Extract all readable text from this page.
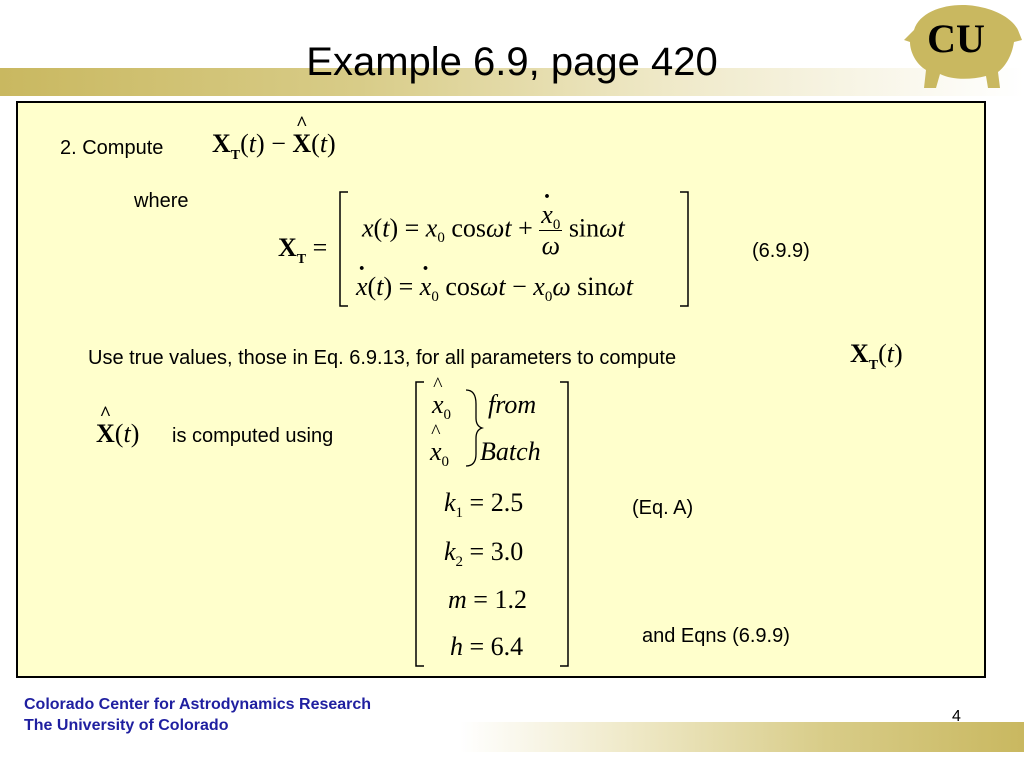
Example 6.9, page 420
CU
2. Compute $X_T(t)$ − ^ X(t)
where
$X_T$ =
$x(t) = x_0$ cosωt +
. $\frac{x_0}{\omega}$ sinωt
. x(t) = . $x_0$ $\cos\omega t - x_0\omega$ sinωt
(6.9.9)
Use true values, those in Eq. 6.9.13, for all parameters to compute	$X_T(t)$
^ X(t) is computed using
^ $x_0$ from
^ $x_0$ Batch
$k_1 = 2.5$
$k_2 = 3.0$
m = 1.2
h = 6.4
(Eq. A)
and Eqns (6.9.9)
Colorado Center for Astrodynamics Research
The University of Colorado
4
